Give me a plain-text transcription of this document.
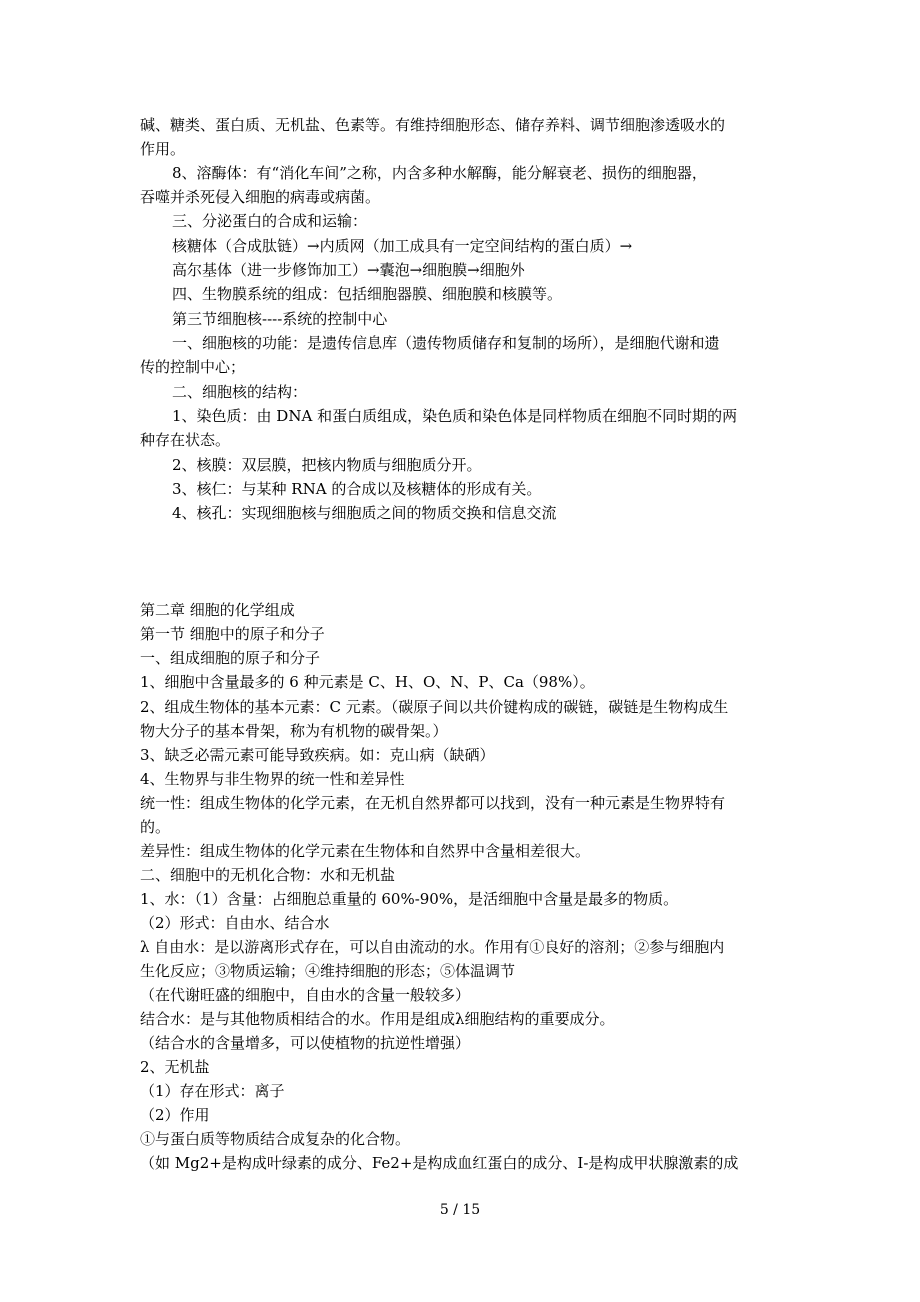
碱、糖类、蛋白质、无机盐、色素等。有维持细胞形态、储存养料、调节细胞渗透吸水的
作用。
8、溶酶体：有“消化车间”之称，内含多种水解酶，能分解衰老、损伤的细胞器，
吞噬并杀死侵入细胞的病毒或病菌。
三、分泌蛋白的合成和运输：
核糖体（合成肽链）→内质网（加工成具有一定空间结构的蛋白质）→
高尔基体（进一步修饰加工）→囊泡→细胞膜→细胞外
四、生物膜系统的组成：包括细胞器膜、细胞膜和核膜等。
第三节细胞核----系统的控制中心
一、细胞核的功能：是遗传信息库（遗传物质储存和复制的场所），是细胞代谢和遗
传的控制中心；
二、细胞核的结构：
1、染色质：由 DNA 和蛋白质组成，染色质和染色体是同样物质在细胞不同时期的两
种存在状态。
2、核膜：双层膜，把核内物质与细胞质分开。
3、核仁：与某种 RNA 的合成以及核糖体的形成有关。
4、核孔：实现细胞核与细胞质之间的物质交换和信息交流
第二章 细胞的化学组成
第一节 细胞中的原子和分子
一、组成细胞的原子和分子
1、细胞中含量最多的 6 种元素是 C、H、O、N、P、Ca（98%）。
2、组成生物体的基本元素：C 元素。（碳原子间以共价键构成的碳链，碳链是生物构成生
物大分子的基本骨架，称为有机物的碳骨架。）
3、缺乏必需元素可能导致疾病。如：克山病（缺硒）
4、生物界与非生物界的统一性和差异性
统一性：组成生物体的化学元素，在无机自然界都可以找到，没有一种元素是生物界特有
的。
差异性：组成生物体的化学元素在生物体和自然界中含量相差很大。
二、细胞中的无机化合物：水和无机盐
1、水：（1）含量：占细胞总重量的 60%-90%，是活细胞中含量是最多的物质。
（2）形式：自由水、结合水
λ 自由水：是以游离形式存在，可以自由流动的水。作用有①良好的溶剂；②参与细胞内
生化反应；③物质运输；④维持细胞的形态；⑤体温调节
（在代谢旺盛的细胞中，自由水的含量一般较多）
结合水：是与其他物质相结合的水。作用是组成λ细胞结构的重要成分。
（结合水的含量增多，可以使植物的抗逆性增强）
2、无机盐
（1）存在形式：离子
（2）作用
①与蛋白质等物质结合成复杂的化合物。
（如 Mg2+是构成叶绿素的成分、Fe2+是构成血红蛋白的成分、I-是构成甲状腺激素的成
5 / 15
